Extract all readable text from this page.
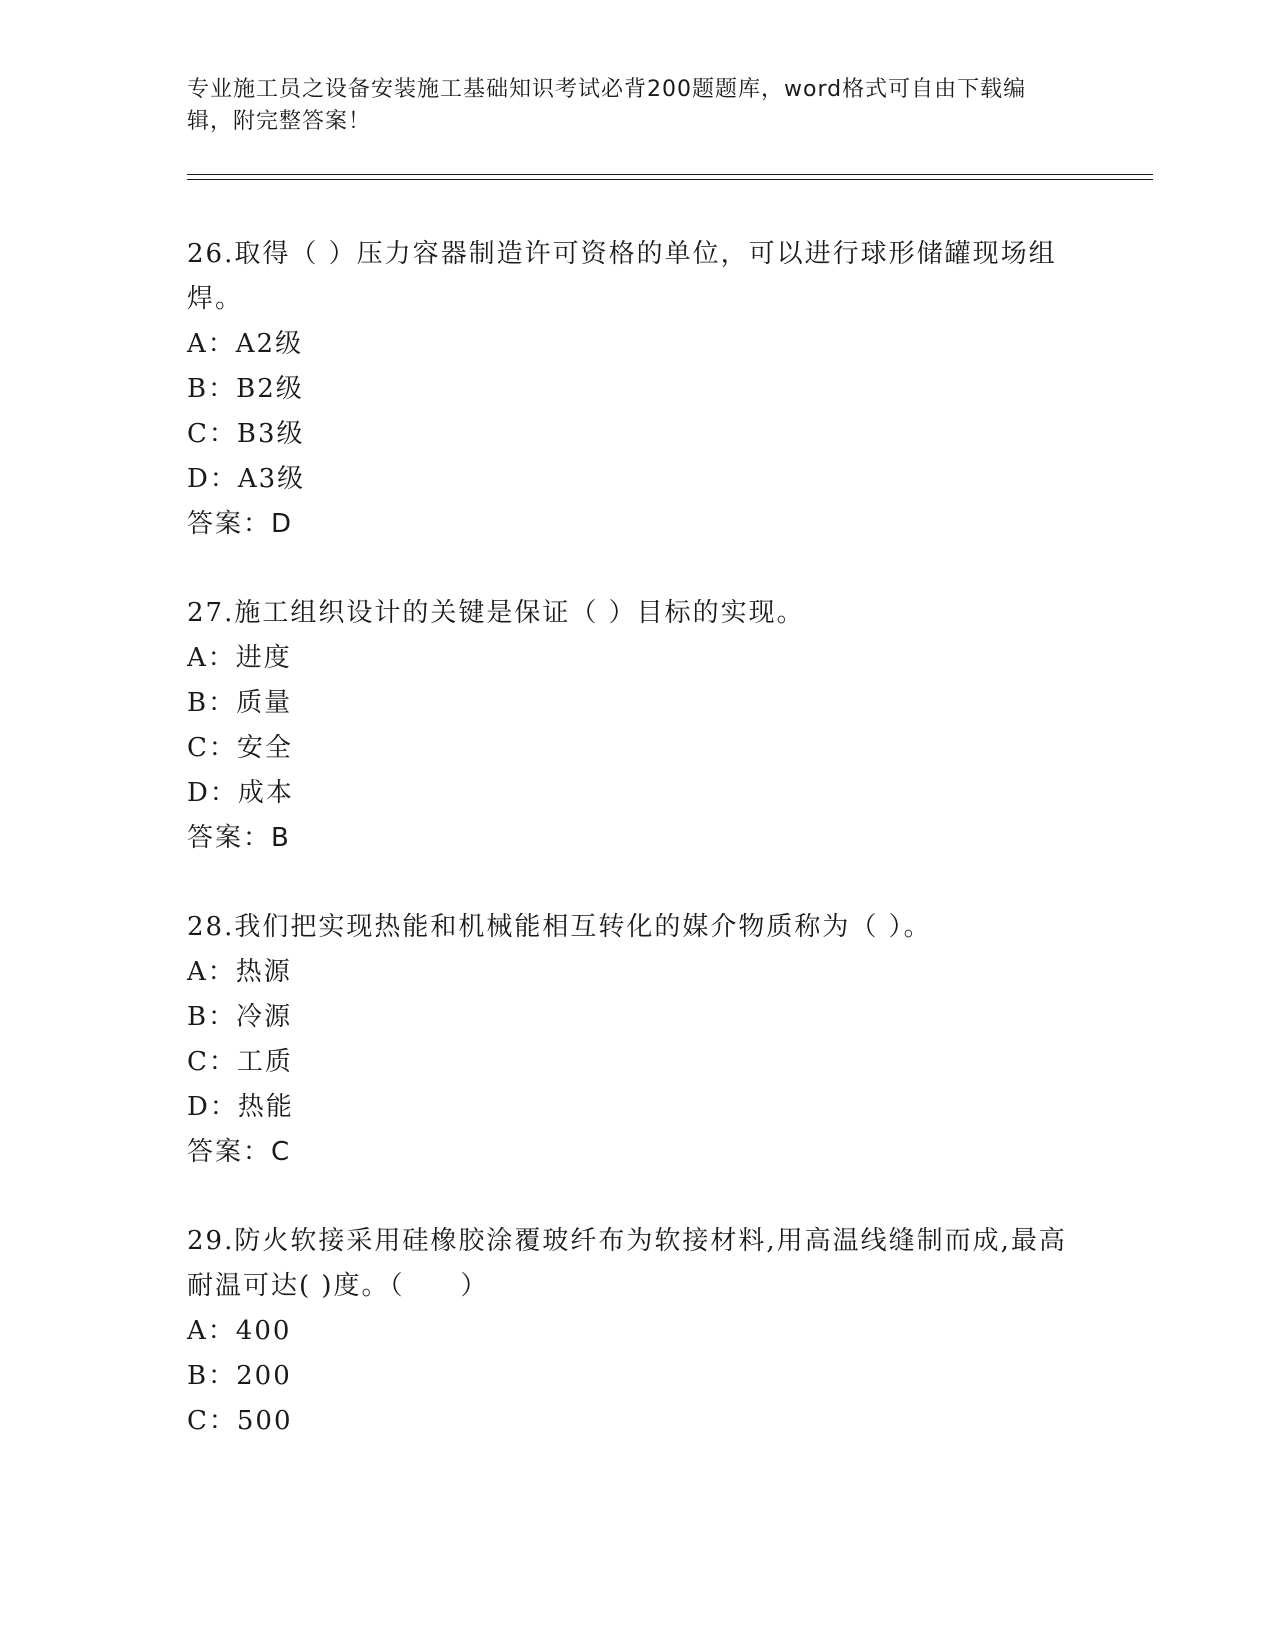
专业施工员之设备安装施工基础知识考试必背200题题库，word格式可自由下载编辑，附完整答案！

26.取得（ ）压力容器制造许可资格的单位，可以进行球形储罐现场组焊。

A：A2级

B：B2级

C：B3级

D：A3级

答案：D

27.施工组织设计的关键是保证（ ）目标的实现。

A：进度

B：质量

C：安全

D：成本

答案：B

28.我们把实现热能和机械能相互转化的媒介物质称为（ ）。

A：热源

B：冷源

C：工质

D：热能

答案：C

29.防火软接采用硅橡胶涂覆玻纤布为软接材料,用高温线缝制而成,最高耐温可达( )度。（　　）

A：400

B：200

C：500
